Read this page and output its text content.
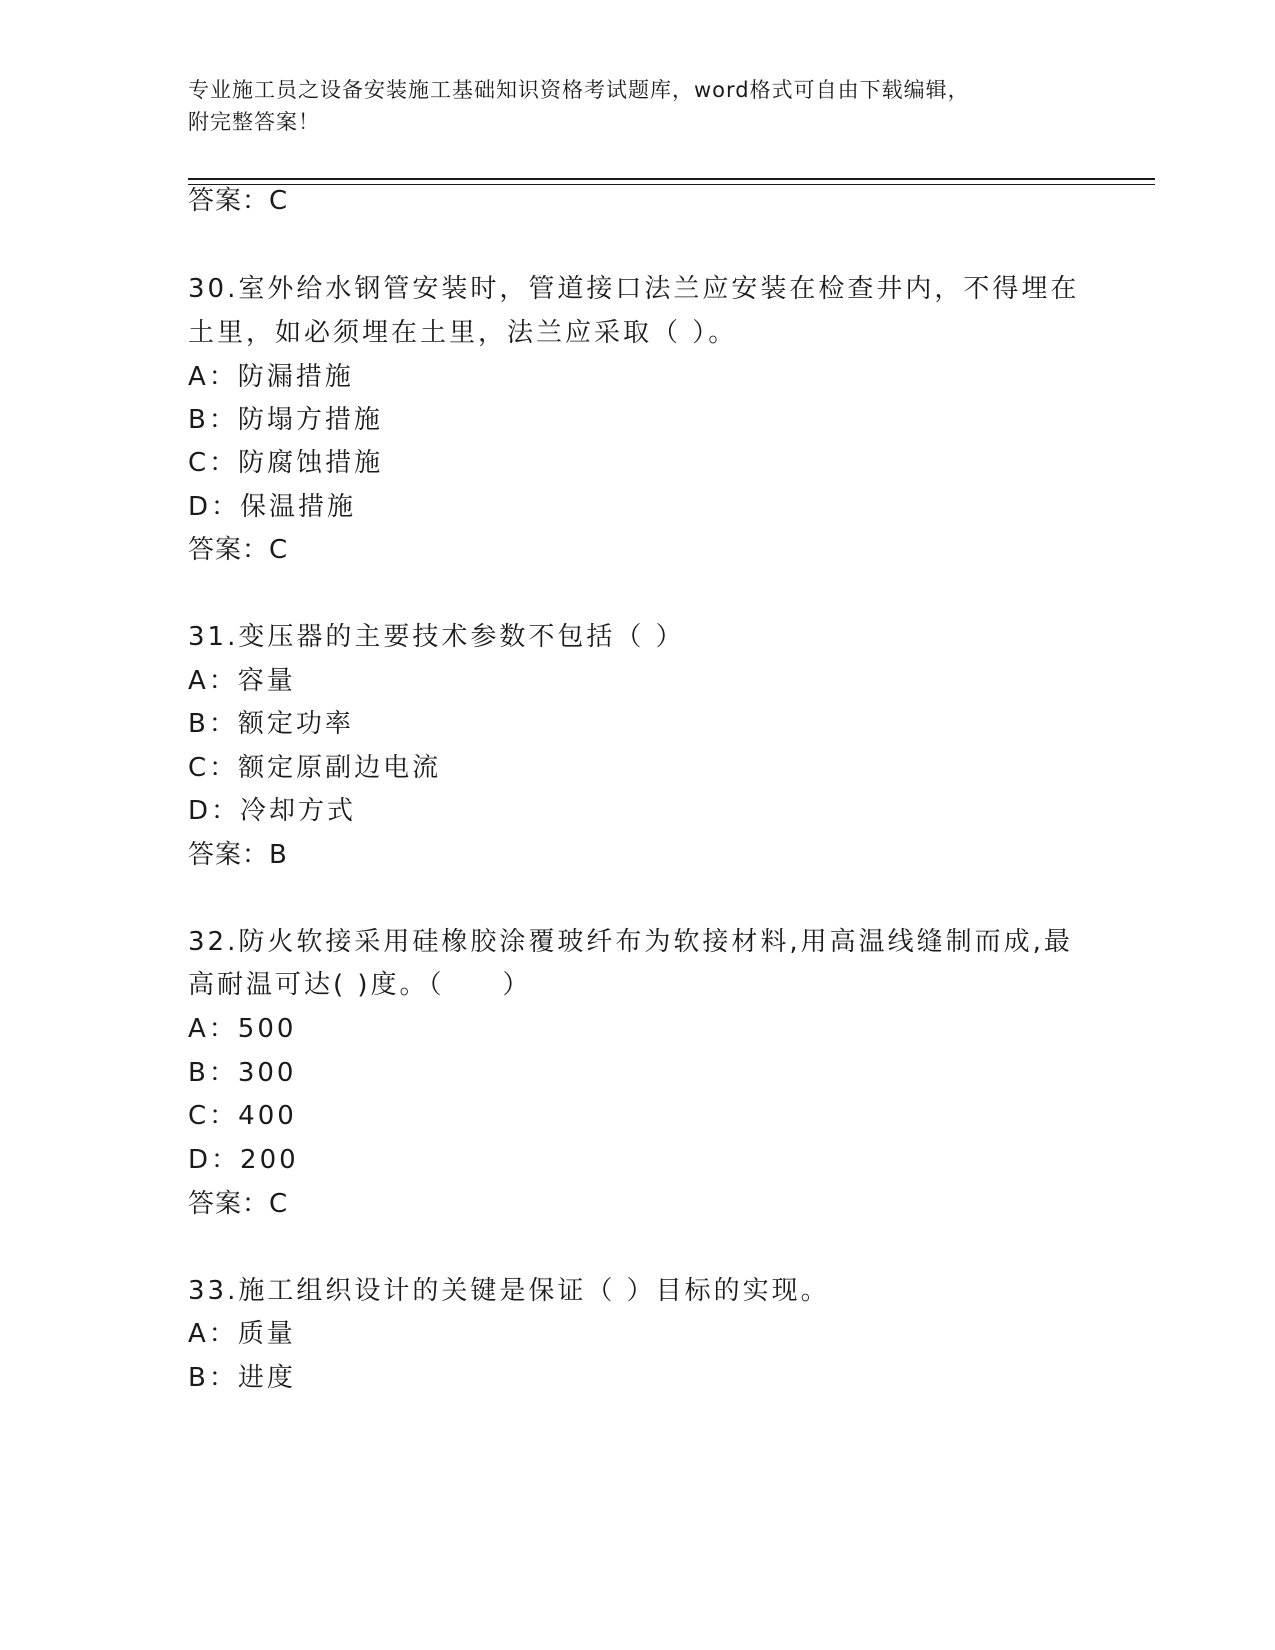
专业施工员之设备安装施工基础知识资格考试题库，word格式可自由下载编辑，
附完整答案！
答案：C
30.室外给水钢管安装时，管道接口法兰应安装在检查井内，不得埋在
土里，如必须埋在土里，法兰应采取（ ）。
A：防漏措施
B：防塌方措施
C：防腐蚀措施
D：保温措施
答案：C
31.变压器的主要技术参数不包括（ ）
A：容量
B：额定功率
C：额定原副边电流
D：冷却方式
答案：B
32.防火软接采用硅橡胶涂覆玻纤布为软接材料,用高温线缝制而成,最
高耐温可达( )度。（　　）
A：500
B：300
C：400
D：200
答案：C
33.施工组织设计的关键是保证（ ）目标的实现。
A：质量
B：进度
